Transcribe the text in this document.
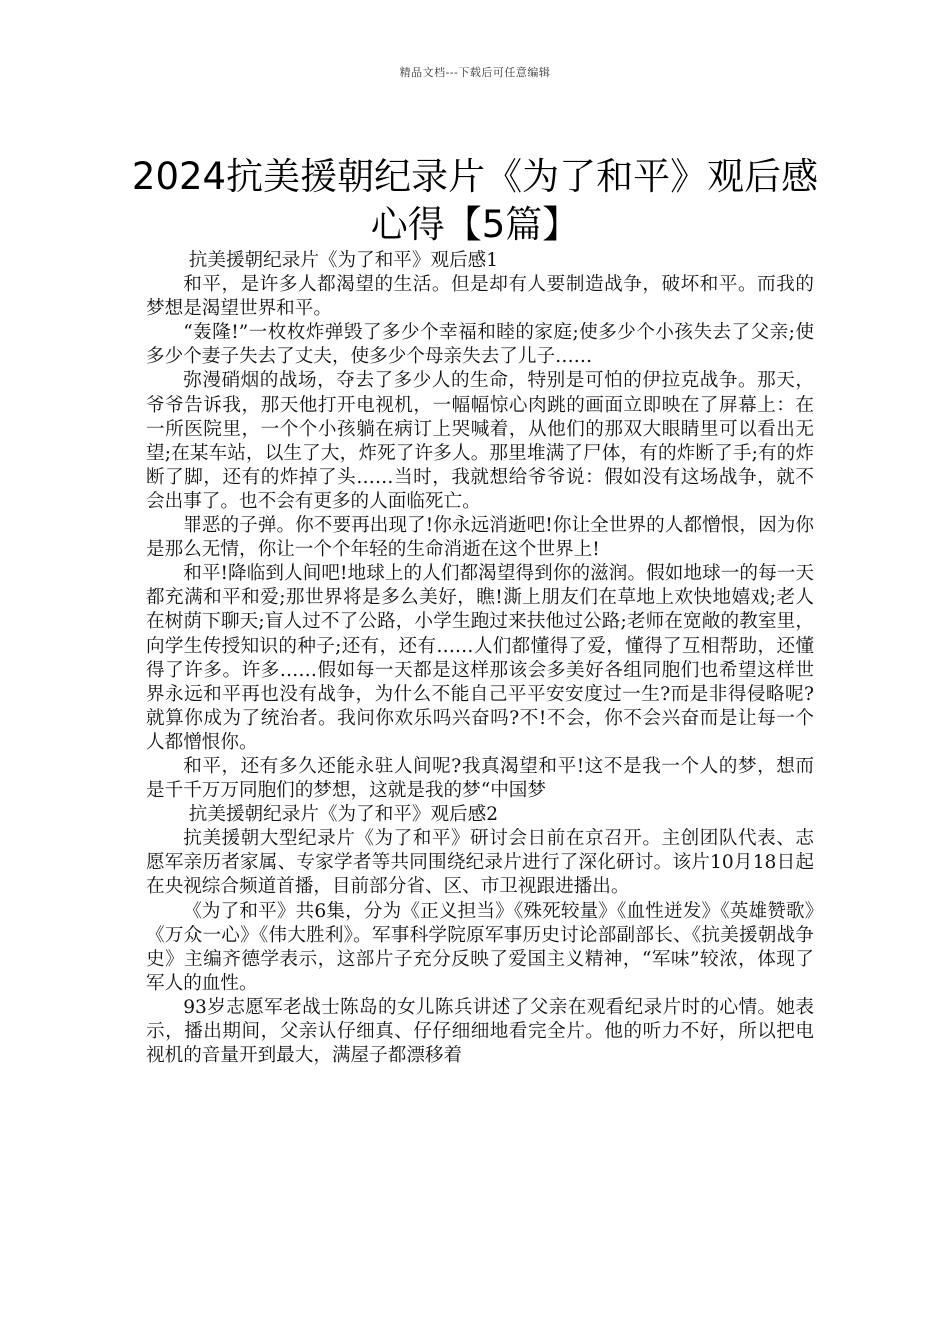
精品文档---下载后可任意编辑
2024抗美援朝纪录片《为了和平》观后感心得【5篇】

抗美援朝纪录片《为了和平》观后感1

和平，是许多人都渴望的生活。但是却有人要制造战争，破坏和平。而我的梦想是渴望世界和平。

“轰隆!”一枚枚炸弹毁了多少个幸福和睦的家庭;使多少个小孩失去了父亲;使多少个妻子失去了丈夫，使多少个母亲失去了儿子……

弥漫硝烟的战场，夺去了多少人的生命，特别是可怕的伊拉克战争。那天，爷爷告诉我，那天他打开电视机，一幅幅惊心肉跳的画面立即映在了屏幕上：在一所医院里，一个个小孩躺在病订上哭喊着，从他们的那双大眼睛里可以看出无望;在某车站，以生了大，炸死了许多人。那里堆满了尸体，有的炸断了手;有的炸断了脚，还有的炸掉了头……当时，我就想给爷爷说：假如没有这场战争，就不会出事了。也不会有更多的人面临死亡。

罪恶的子弹。你不要再出现了!你永远消逝吧!你让全世界的人都憎恨，因为你是那么无情，你让一个个年轻的生命消逝在这个世界上!

和平!降临到人间吧!地球上的人们都渴望得到你的滋润。假如地球一的每一天都充满和平和爱;那世界将是多么美好，瞧!澌上朋友们在草地上欢快地嬉戏;老人在树荫下聊天;盲人过不了公路，小学生跑过来扶他过公路;老师在宽敞的教室里，向学生传授知识的种子;还有，还有……人们都懂得了爱，懂得了互相帮助，还懂得了许多。许多……假如每一天都是这样那该会多美好各组同胞们也希望这样世界永远和平再也没有战争，为什么不能自己平平安安度过一生?而是非得侵略呢?就算你成为了统治者。我问你欢乐吗兴奋吗?不!不会，你不会兴奋而是让每一个人都憎恨你。

和平，还有多久还能永驻人间呢?我真渴望和平!这不是我一个人的梦，想而是千千万万同胞们的梦想，这就是我的梦“中国梦

抗美援朝纪录片《为了和平》观后感2

抗美援朝大型纪录片《为了和平》研讨会日前在京召开。主创团队代表、志愿军亲历者家属、专家学者等共同围绕纪录片进行了深化研讨。该片10月18日起在央视综合频道首播，目前部分省、区、市卫视跟进播出。

《为了和平》共6集，分为《正义担当》《殊死较量》《血性迸发》《英雄赞歌》《万众一心》《伟大胜利》。军事科学院原军事历史讨论部副部长、《抗美援朝战争史》主编齐德学表示，这部片子充分反映了爱国主义精神，“军味”较浓，体现了军人的血性。

93岁志愿军老战士陈岛的女儿陈兵讲述了父亲在观看纪录片时的心情。她表示，播出期间，父亲认仔细真、仔仔细细地看完全片。他的听力不好，所以把电视机的音量开到最大，满屋子都漂移着
